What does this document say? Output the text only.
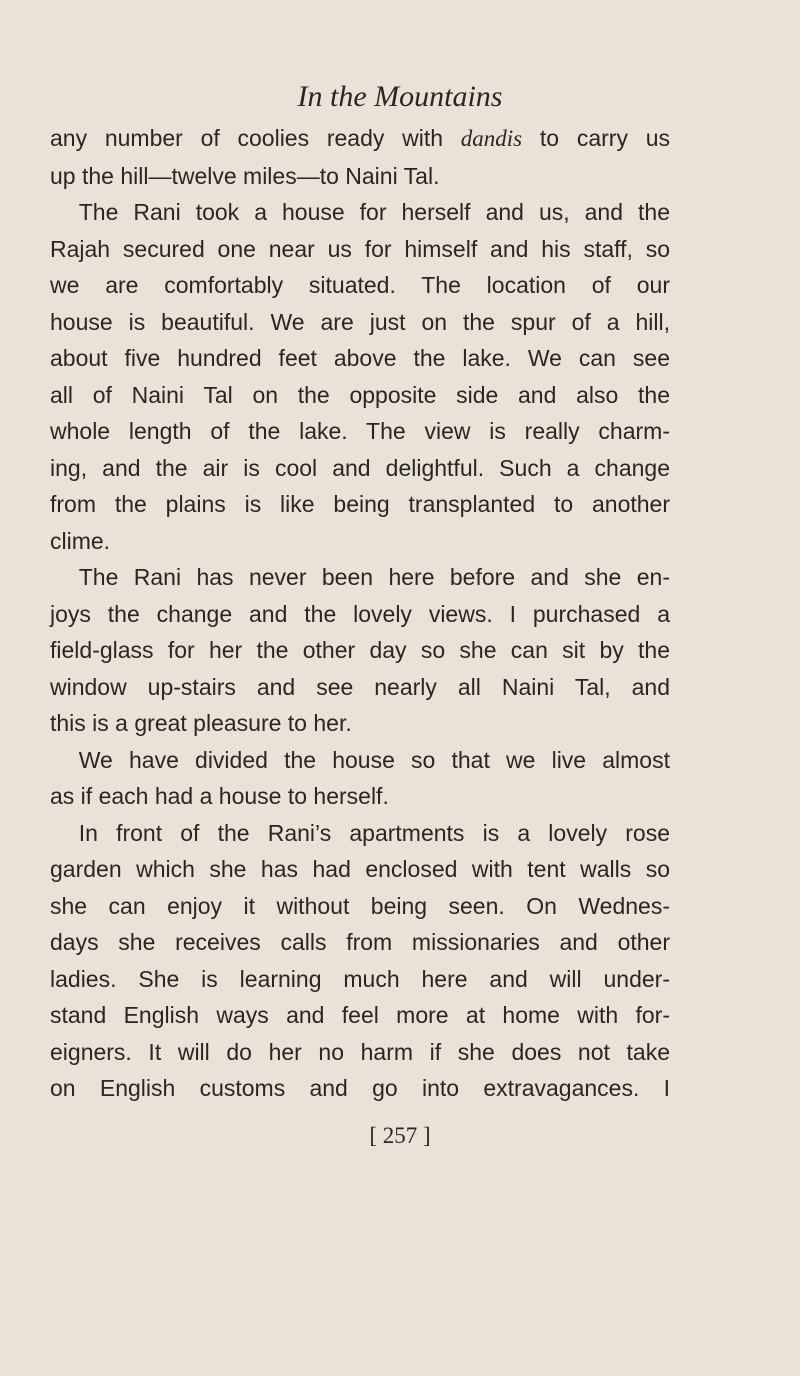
In the Mountains
any number of coolies ready with dandis to carry us
up the hill—twelve miles—to Naini Tal.
The Rani took a house for herself and us, and the
Rajah secured one near us for himself and his staff, so
we are comfortably situated. The location of our
house is beautiful. We are just on the spur of a hill,
about five hundred feet above the lake. We can see
all of Naini Tal on the opposite side and also the
whole length of the lake. The view is really charm-
ing, and the air is cool and delightful. Such a change
from the plains is like being transplanted to another
clime.
The Rani has never been here before and she en-
joys the change and the lovely views. I purchased a
field-glass for her the other day so she can sit by the
window up-stairs and see nearly all Naini Tal, and
this is a great pleasure to her.
We have divided the house so that we live almost
as if each had a house to herself.
In front of the Rani’s apartments is a lovely rose
garden which she has had enclosed with tent walls so
she can enjoy it without being seen. On Wednes-
days she receives calls from missionaries and other
ladies. She is learning much here and will under-
stand English ways and feel more at home with for-
eigners. It will do her no harm if she does not take
on English customs and go into extravagances. I
[ 257 ]
